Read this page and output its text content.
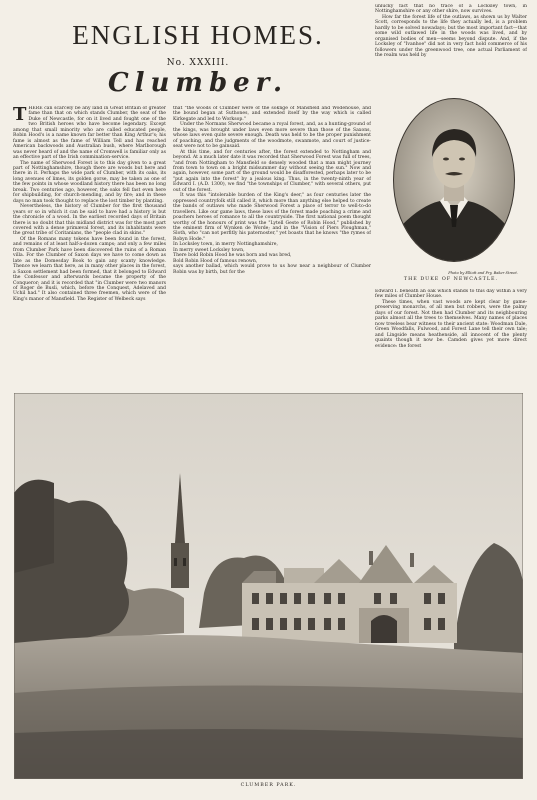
ENGLISH HOMES.
No. XXXIII.
Clumber.

THERE can scarcely be any land in Great Britain of greater fame than that on which stands Clumber, the seat of the Duke of Newcastle, for on it lived and fought one of the two British heroes who have become legendary. Except among that small minority who are called educated people, Robin Hood's is a name known far better than King Arthur's; his fame is almost as the fame of William Tell and has reached American backwoods and Australian bush, where Marlborough was never heard of and the name of Cromwell is familiar only as an effective part of the Irish commination-service.

The name of Sherwood Forest is to this day given to a great part of Nottinghamshire, though there are woods but here and there in it. Perhaps the wide park of Clumber, with its oaks, its long avenues of limes, its golden gorse, may be taken as one of the few points in whose woodland history there has been no long break. Two centuries ago, however, the oaks fell fast even here for shipbuilding, for church-mending, and by fire; and in these days no man took thought to replace the lost timber by planting.

Nevertheless, the history of Clumber for the first thousand years or so in which it can be said to have had a history is but the chronicle of a wood. In the earliest recorded days of Britain there is no doubt that this midland district was for the most part covered with a dense primæval forest, and its inhabitants were the great tribe of Coritanians, the "people clad in skins."

Of the Romans many tokens have been found in the forest, and remains of at least half-a-dozen camps; and only a few miles from Clumber Park have been discovered the ruins of a Roman villa. For the Clumber of Saxon days we have to come down as late as the Domesday Book to gain any scanty knowledge. Thence we learn that here, as in many other places in the forest, a Saxon settlement had been formed, that it belonged to Edward the Confessor and afterwards became the property of the Conqueror; and it is recorded that "in Clumber were two manors of Roger de Busli, which, before the Conquest, Adelaved and Uchil had." It also contained three freemen, which were of the King's manor of Mansfield. The Register of Welbeck says

that "the woods of Clumber were of the soknge of Mansfield and Wodehouse, and the bound began at Suthones, and extended itself by the way which is called Kirkegate and led to Worksop."

Under the Normans Sherwood became a royal forest, and, as a hunting-ground of the kings, was brought under laws even more severe than those of the Saxons, whose laws even quite severe enough. Death was held to be the proper punishment of poaching, and the judgments of the woodmote, swanmote, and court of justice-seat were not to be gainsaid.

At this time, and for centuries after, the forest extended to Nottingham and beyond. At a much later date it was recorded that Sherwood Forest was full of trees, "and from Nottingham to Mansfield so densely wooded that a man might journey from town to town on a bright midsummer day without seeing the sun." Now and again, however, some part of the ground would be disafforested, perhaps later to be "put again into the forest" by a jealous king. Thus, in the twenty-ninth year of Edward I. (A.D. 1300), we find "the townships of Clumber," with several others, put out of the forest.

It was this "intolerable burden of the King's deer," as four centuries later the oppressed countryfolk still called it, which more than anything else helped to create the bands of outlaws who made Sherwood Forest a place of terror to well-to-do travellers. Like our game laws, these laws of the forest made poaching a crime and poachers heroes of romance to all the countryside. The first national poem thought worthy of the honours of print was the "Lytell Geste of Robin Hood," published by the eminent firm of Wynken de Worde; and in the "Vision of Piers Ploughman," Sloth, who "can not perfitly his paternoster," yet boasts that he knows "the rymes of Robyn Hode."

In Locksley town, in merry Nottinghamshire,

In merry sweet Locksley town,

There bold Robin Hood he was born and was bred,

Bold Robin Hood of famous renown,

says another ballad, which would prove to us how near a neighbour of Clumber Robin was by birth, but for the

unlucky fact that no trace of a Locksley town, in Nottinghamshire or any other shire, now survives.

How far the forest life of the outlaws, as shown us by Walter Scott, corresponds to the life they actually led, is a problem hardly to be solved nowadays; but the most important fact—that some wild outlawed life in the woods was lived, and by organised bodies of men—seems beyond dispute. And, if the Locksley of "Ivanhoe" did not in very fact hold commerce of his followers under the greenwood tree, one actual Parliament of the realm was held by

Photo by Elliott and Fry, Baker Street.
THE DUKE OF NEWCASTLE.

Edward I. beneath an oak which stands to this day within a very few miles of Clumber House.

These times, when vast woods are kept clear by game-preserving monarchs, of all men but robbers, were the palmy days of our forest. Not then had Clumber and its neighbouring parks almost all the trees to themselves. Many names of places now treeless bear witness to their ancient state: Woodman Dale, Green Woodfalls, Fulwood, and Forest Lane tell their own tale; and Lingside means heathenside, all innocent of the plenty quaints though it now be. Camden gives yet more direct evidence: the forest

CLUMBER PARK.
